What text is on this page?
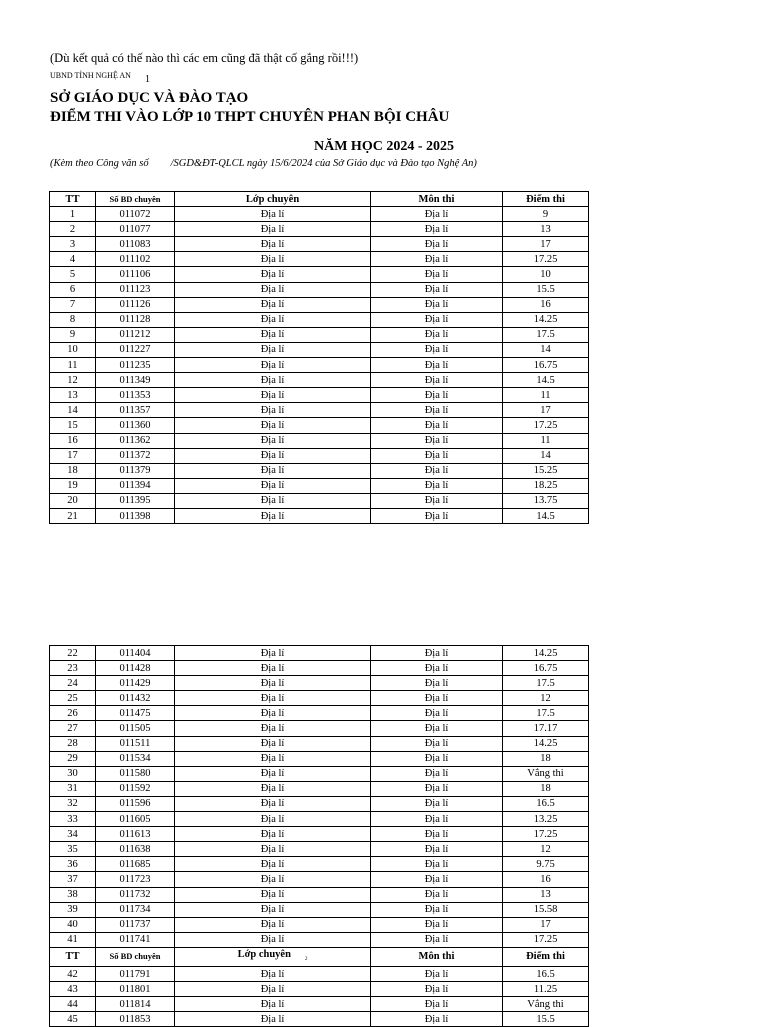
(Dù kết quả có thế nào thì các em cũng đã thật cố gắng rồi!!!)
UBND TỈNH NGHỆ AN 1
SỞ GIÁO DỤC VÀ ĐÀO TẠO
ĐIỂM THI VÀO LỚP 10 THPT CHUYÊN PHAN BỘI CHÂU
NĂM HỌC 2024 - 2025
(Kèm theo Công văn số /SGD&ĐT-QLCL ngày 15/6/2024 của Sở Giáo dục và Đào tạo Nghệ An)
TT	Số BD chuyên	Lớp chuyên	Môn thi	Điểm thi
1	011072	Địa lí	Địa lí	9
2	011077	Địa lí	Địa lí	13
3	011083	Địa lí	Địa lí	17
4	011102	Địa lí	Địa lí	17.25
5	011106	Địa lí	Địa lí	10
6	011123	Địa lí	Địa lí	15.5
7	011126	Địa lí	Địa lí	16
8	011128	Địa lí	Địa lí	14.25
9	011212	Địa lí	Địa lí	17.5
10	011227	Địa lí	Địa lí	14
11	011235	Địa lí	Địa lí	16.75
12	011349	Địa lí	Địa lí	14.5
13	011353	Địa lí	Địa lí	11
14	011357	Địa lí	Địa lí	17
15	011360	Địa lí	Địa lí	17.25
16	011362	Địa lí	Địa lí	11
17	011372	Địa lí	Địa lí	14
18	011379	Địa lí	Địa lí	15.25
19	011394	Địa lí	Địa lí	18.25
20	011395	Địa lí	Địa lí	13.75
21	011398	Địa lí	Địa lí	14.5
22	011404	Địa lí	Địa lí	14.25
23	011428	Địa lí	Địa lí	16.75
24	011429	Địa lí	Địa lí	17.5
25	011432	Địa lí	Địa lí	12
26	011475	Địa lí	Địa lí	17.5
27	011505	Địa lí	Địa lí	17.17
28	011511	Địa lí	Địa lí	14.25
29	011534	Địa lí	Địa lí	18
30	011580	Địa lí	Địa lí	Vắng thi
31	011592	Địa lí	Địa lí	18
32	011596	Địa lí	Địa lí	16.5
33	011605	Địa lí	Địa lí	13.25
34	011613	Địa lí	Địa lí	17.25
35	011638	Địa lí	Địa lí	12
36	011685	Địa lí	Địa lí	9.75
37	011723	Địa lí	Địa lí	16
38	011732	Địa lí	Địa lí	13
39	011734	Địa lí	Địa lí	15.58
40	011737	Địa lí	Địa lí	17
41	011741	Địa lí	Địa lí	17.25
TT	Số BD chuyên	Lớp chuyên $_2$	Môn thi	Điểm thi
42	011791	Địa lí	Địa lí	16.5
43	011801	Địa lí	Địa lí	11.25
44	011814	Địa lí	Địa lí	Vắng thi
45	011853	Địa lí	Địa lí	15.5
